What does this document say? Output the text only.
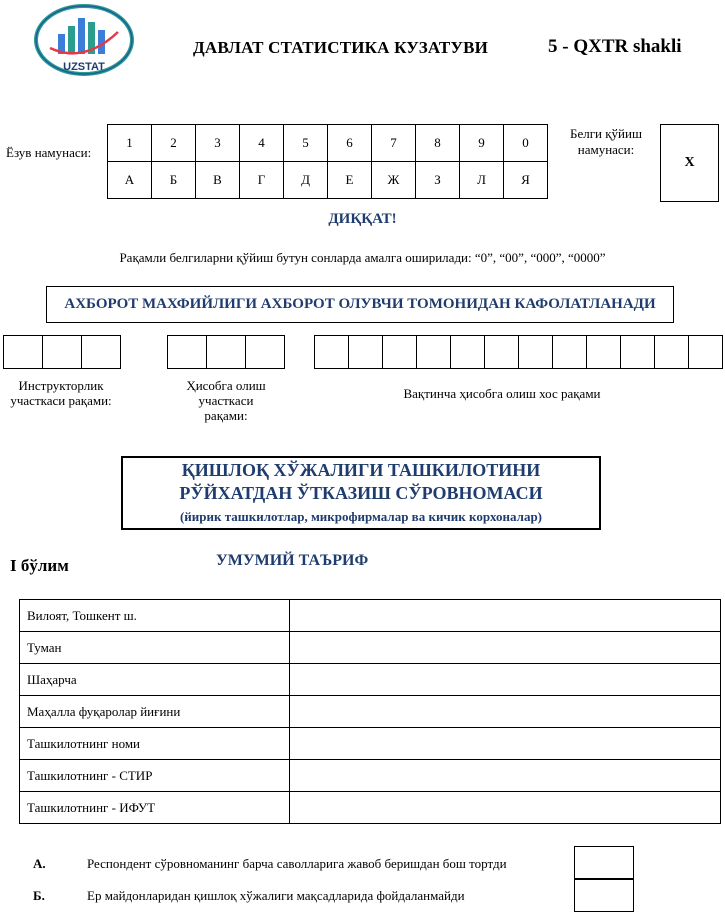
UZSTAT
ДАВЛАТ СТАТИСТИКА КУЗАТУВИ	5 - QXTR shakli
Ёзув намунаси:
1	2	3	4	5	6	7	8	9	0
А	Б	В	Г	Д	Е	Ж	З	Л	Я
Белги қўйиш намунаси:
X
ДИҚҚАТ!
Рақамли белгиларни қўйиш бутун сонларда амалга оширилади: “0”, “00”, “000”, “0000”
АХБОРОТ МАХФИЙЛИГИ АХБОРОТ ОЛУВЧИ ТОМОНИДАН КАФОЛАТЛАНАДИ
Инструкторлик участкаси рақами:
Ҳисобга олиш участкаси рақами:
Вақтинча ҳисобга олиш хос рақами
ҚИШЛОҚ ХЎЖАЛИГИ ТАШКИЛОТИНИ
РЎЙХАТДАН ЎТКАЗИШ СЎРОВНОМАСИ
(йирик ташкилотлар, микрофирмалар ва кичик корхоналар)
I бўлим	УМУМИЙ ТАЪРИФ
Вилоят, Тошкент ш.	
Туман	
Шаҳарча	
Маҳалла фуқаролар йиғини	
Ташкилотнинг номи	
Ташкилотнинг - СТИР	
Ташкилотнинг - ИФУТ	
А.	Респондент сўровноманинг барча саволларига жавоб беришдан бош тортди
Б.	Ер майдонларидан қишлоқ хўжалиги мақсадларида фойдаланмайди
